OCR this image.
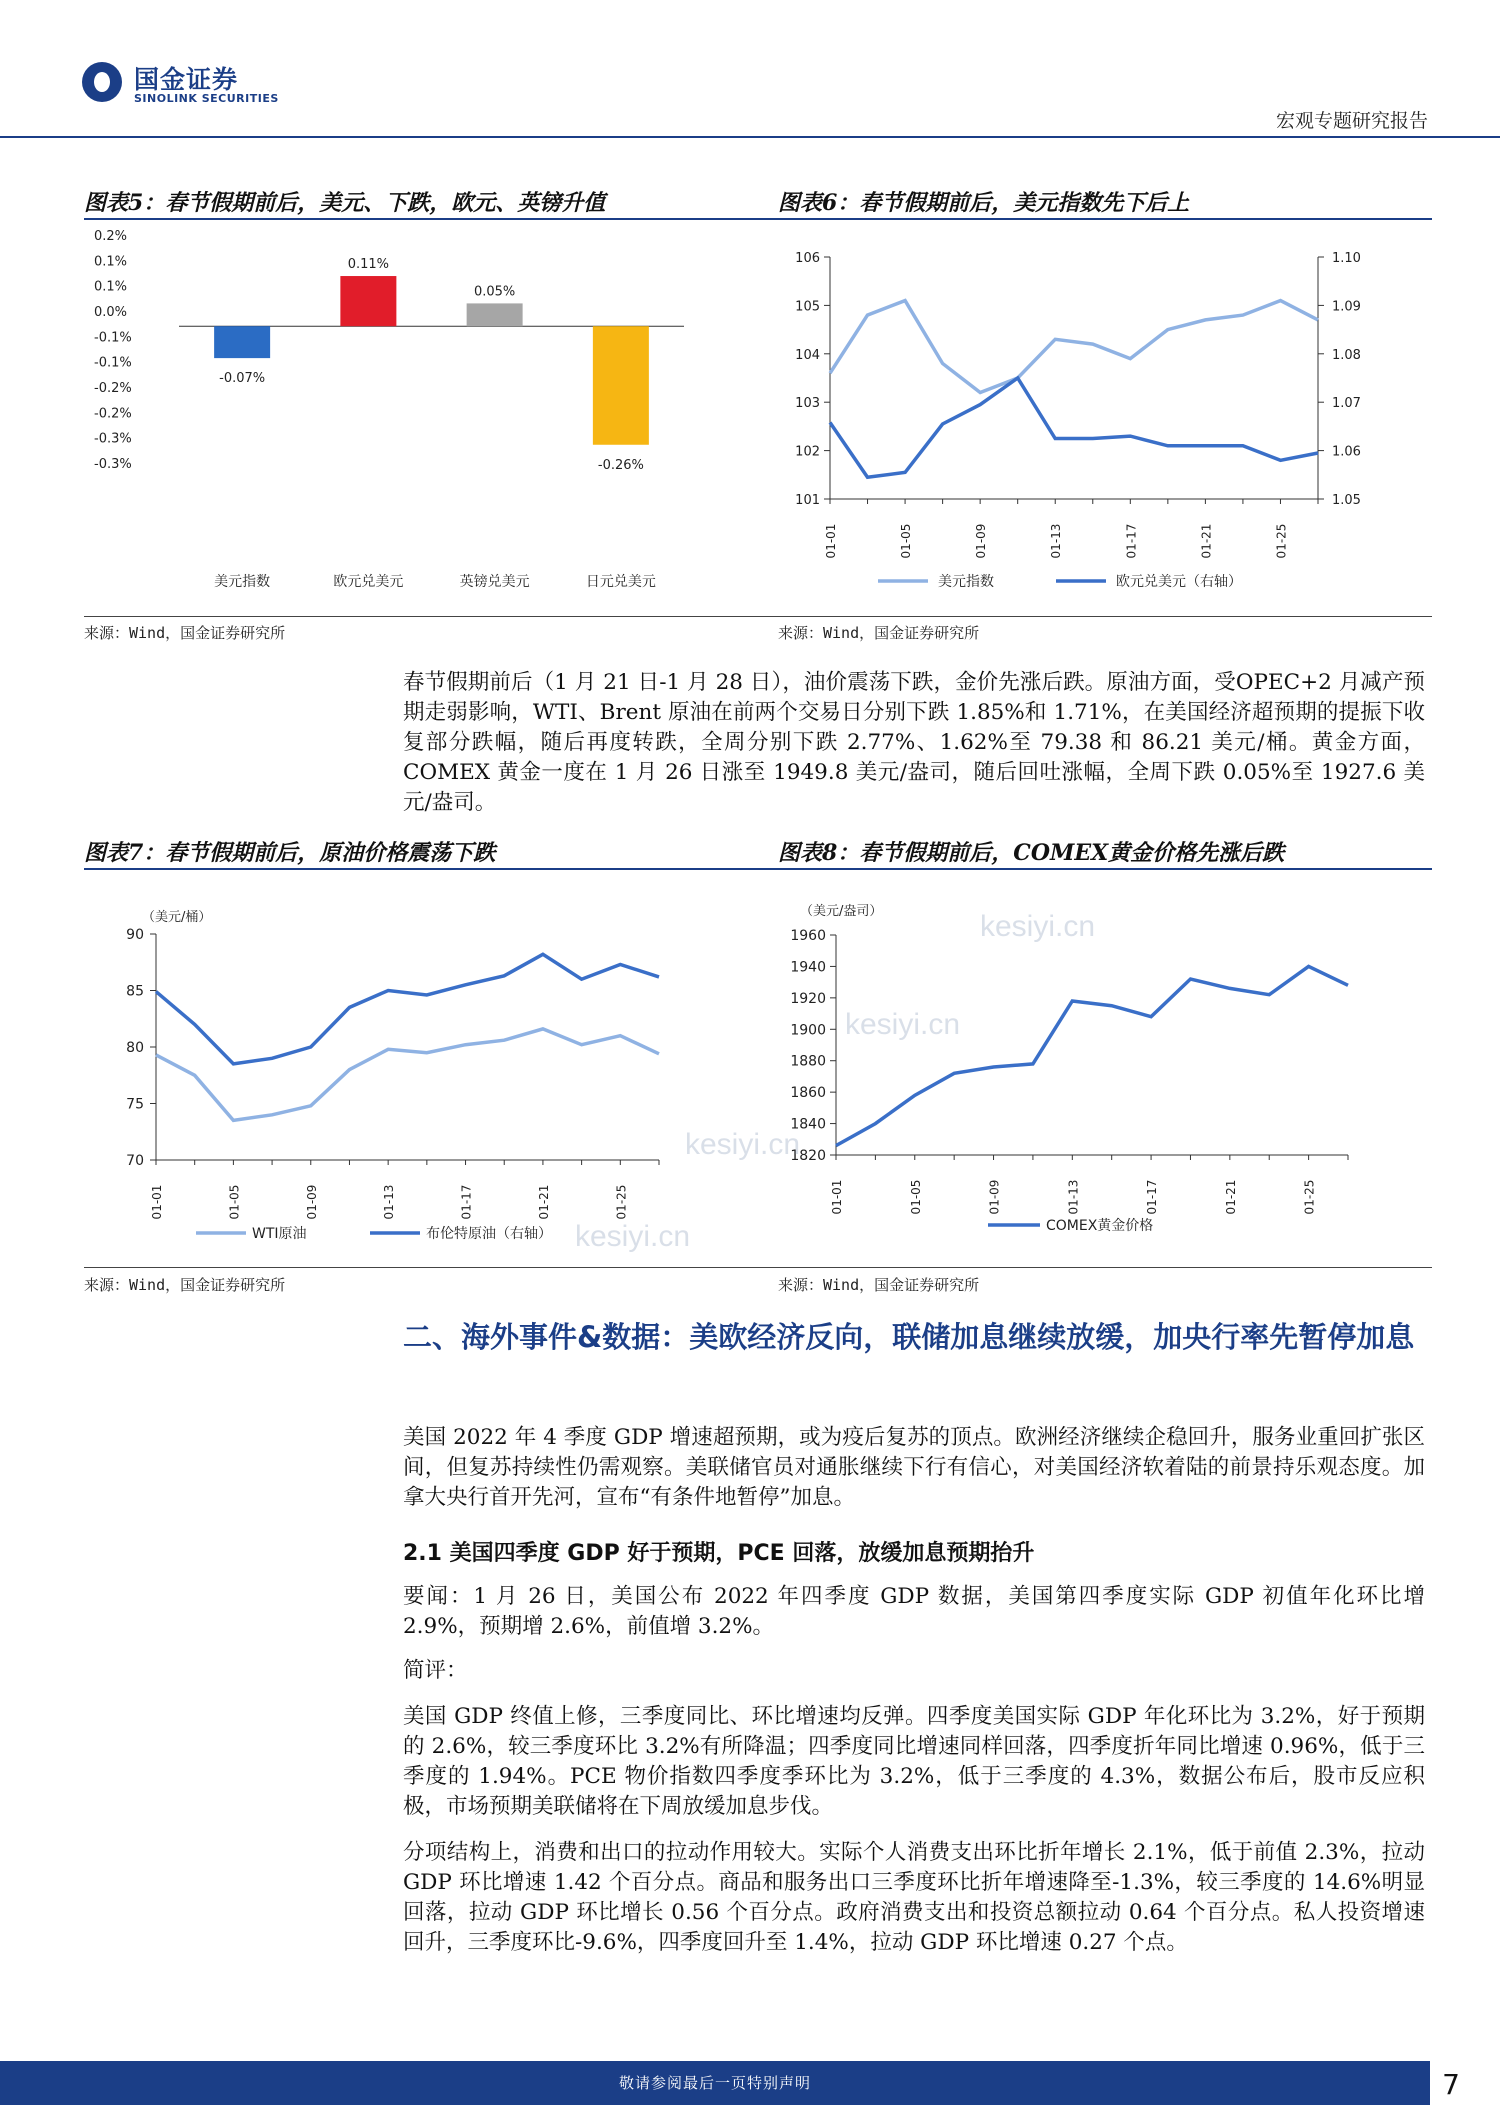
国金证券
SINOLINK SECURITIES
宏观专题研究报告
图表5：春节假期前后，美元、下跌，欧元、英镑升值	图表6：春节假期前后，美元指数先下后上
0.2%
0.1%
0.1%
0.0%
-0.1%
-0.1%
-0.2%
-0.2%
-0.3%
-0.3%
-0.07%
0.11%
0.05%
-0.26%
美元指数	欧元兑美元	英镑兑美元	日元兑美元
106
105
104
103
102
101
1.10
1.09
1.08
1.07
1.06
1.05
01-01	01-05	01-09	01-13	01-17	01-21	01-25
美元指数	欧元兑美元（右轴）
来源：Wind，国金证券研究所	来源：Wind，国金证券研究所

春节假期前后（1 月 21 日-1 月 28 日），油价震荡下跌，金价先涨后跌。原油方面，受OPEC+2 月减产预期走弱影响，WTI、Brent 原油在前两个交易日分别下跌 1.85%和 1.71%，在美国经济超预期的提振下收复部分跌幅，随后再度转跌，全周分别下跌 2.77%、1.62%至 79.38 和 86.21 美元/桶。黄金方面，COMEX 黄金一度在 1 月 26 日涨至 1949.8 美元/盎司，随后回吐涨幅，全周下跌 0.05%至 1927.6 美元/盎司。

图表7：春节假期前后，原油价格震荡下跌	图表8：春节假期前后，COMEX黄金价格先涨后跌
（美元/桶）
90
85
80
75
70
01-01	01-05	01-09	01-13	01-17	01-21	01-25
WTI原油	布伦特原油（右轴）
（美元/盎司）
1960
1940
1920
1900
1880
1860
1840
1820
01-01	01-05	01-09	01-13	01-17	01-21	01-25
COMEX黄金价格
来源：Wind，国金证券研究所	来源：Wind，国金证券研究所
二、海外事件&数据：美欧经济反向，联储加息继续放缓，加央行率先暂停加息

美国 2022 年 4 季度 GDP 增速超预期，或为疫后复苏的顶点。欧洲经济继续企稳回升，服务业重回扩张区间，但复苏持续性仍需观察。美联储官员对通胀继续下行有信心，对美国经济软着陆的前景持乐观态度。加拿大央行首开先河，宣布“有条件地暂停”加息。

2.1 美国四季度 GDP 好于预期，PCE 回落，放缓加息预期抬升

要闻：1 月 26 日，美国公布 2022 年四季度 GDP 数据，美国第四季度实际 GDP 初值年化环比增 2.9%，预期增 2.6%，前值增 3.2%。

简评：

美国 GDP 终值上修，三季度同比、环比增速均反弹。四季度美国实际 GDP 年化环比为 3.2%，好于预期的 2.6%，较三季度环比 3.2%有所降温；四季度同比增速同样回落，四季度折年同比增速 0.96%，低于三季度的 1.94%。PCE 物价指数四季度季环比为 3.2%，低于三季度的 4.3%，数据公布后，股市反应积极，市场预期美联储将在下周放缓加息步伐。

分项结构上，消费和出口的拉动作用较大。实际个人消费支出环比折年增长 2.1%，低于前值 2.3%，拉动 GDP 环比增速 1.42 个百分点。商品和服务出口三季度环比折年增速降至-1.3%，较三季度的 14.6%明显回落，拉动 GDP 环比增长 0.56 个百分点。政府消费支出和投资总额拉动 0.64 个百分点。私人投资增速回升，三季度环比-9.6%，四季度回升至 1.4%，拉动 GDP 环比增速 0.27 个点。

kesiyi.cn
kesiyi.cn
kesiyi.cn
kesiyi.cn
敬请参阅最后一页特别声明	7
